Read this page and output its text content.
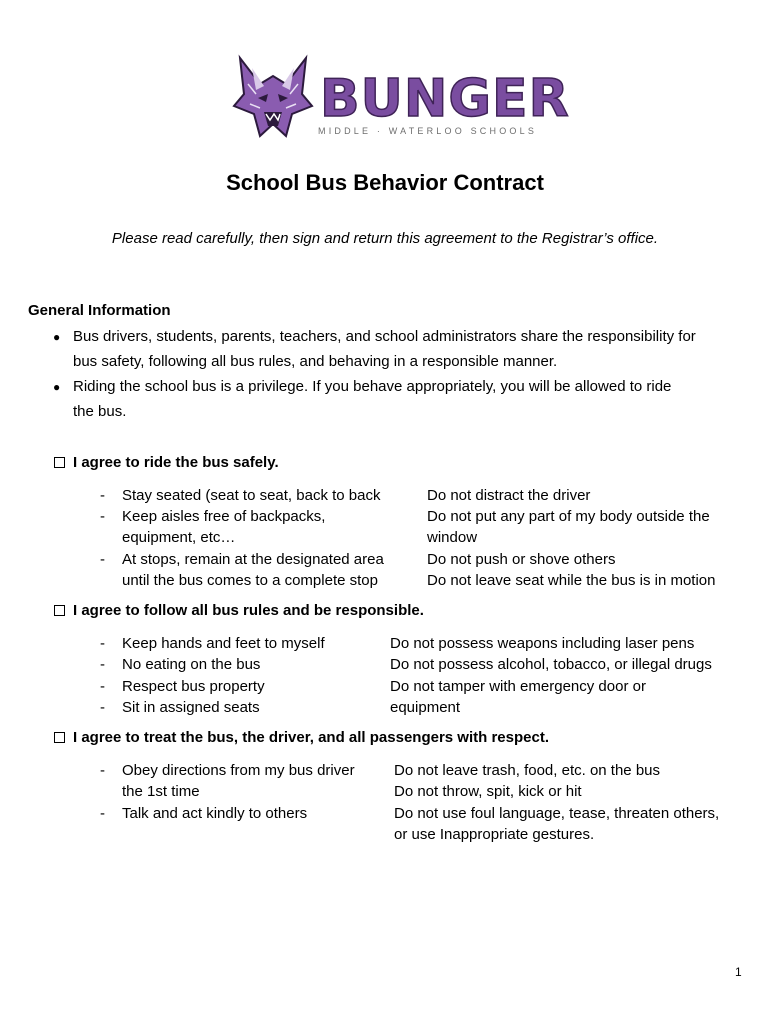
BUNGER
MIDDLE · WATERLOO SCHOOLS
School Bus Behavior Contract
Please read carefully, then sign and return this agreement to the Registrar’s office.
General Information
● Bus drivers, students, parents, teachers, and school administrators share the responsibility for
bus safety, following all bus rules, and behaving in a responsible manner.
● Riding the school bus is a privilege. If you behave appropriately, you will be allowed to ride
the bus.
I agree to ride the bus safely.
- Stay seated (seat to seat, back to back
- Keep aisles free of backpacks,
equipment, etc…
- At stops, remain at the designated area
until the bus comes to a complete stop
Do not distract the driver
Do not put any part of my body outside the
window
Do not push or shove others
Do not leave seat while the bus is in motion
I agree to follow all bus rules and be responsible.
- Keep hands and feet to myself
- No eating on the bus
- Respect bus property
- Sit in assigned seats
Do not possess weapons including laser pens
Do not possess alcohol, tobacco, or illegal drugs
Do not tamper with emergency door or
equipment
I agree to treat the bus, the driver, and all passengers with respect.
- Obey directions from my bus driver
the 1st time
- Talk and act kindly to others
Do not leave trash, food, etc. on the bus
Do not throw, spit, kick or hit
Do not use foul language, tease, threaten others,
or use Inappropriate gestures.
1
